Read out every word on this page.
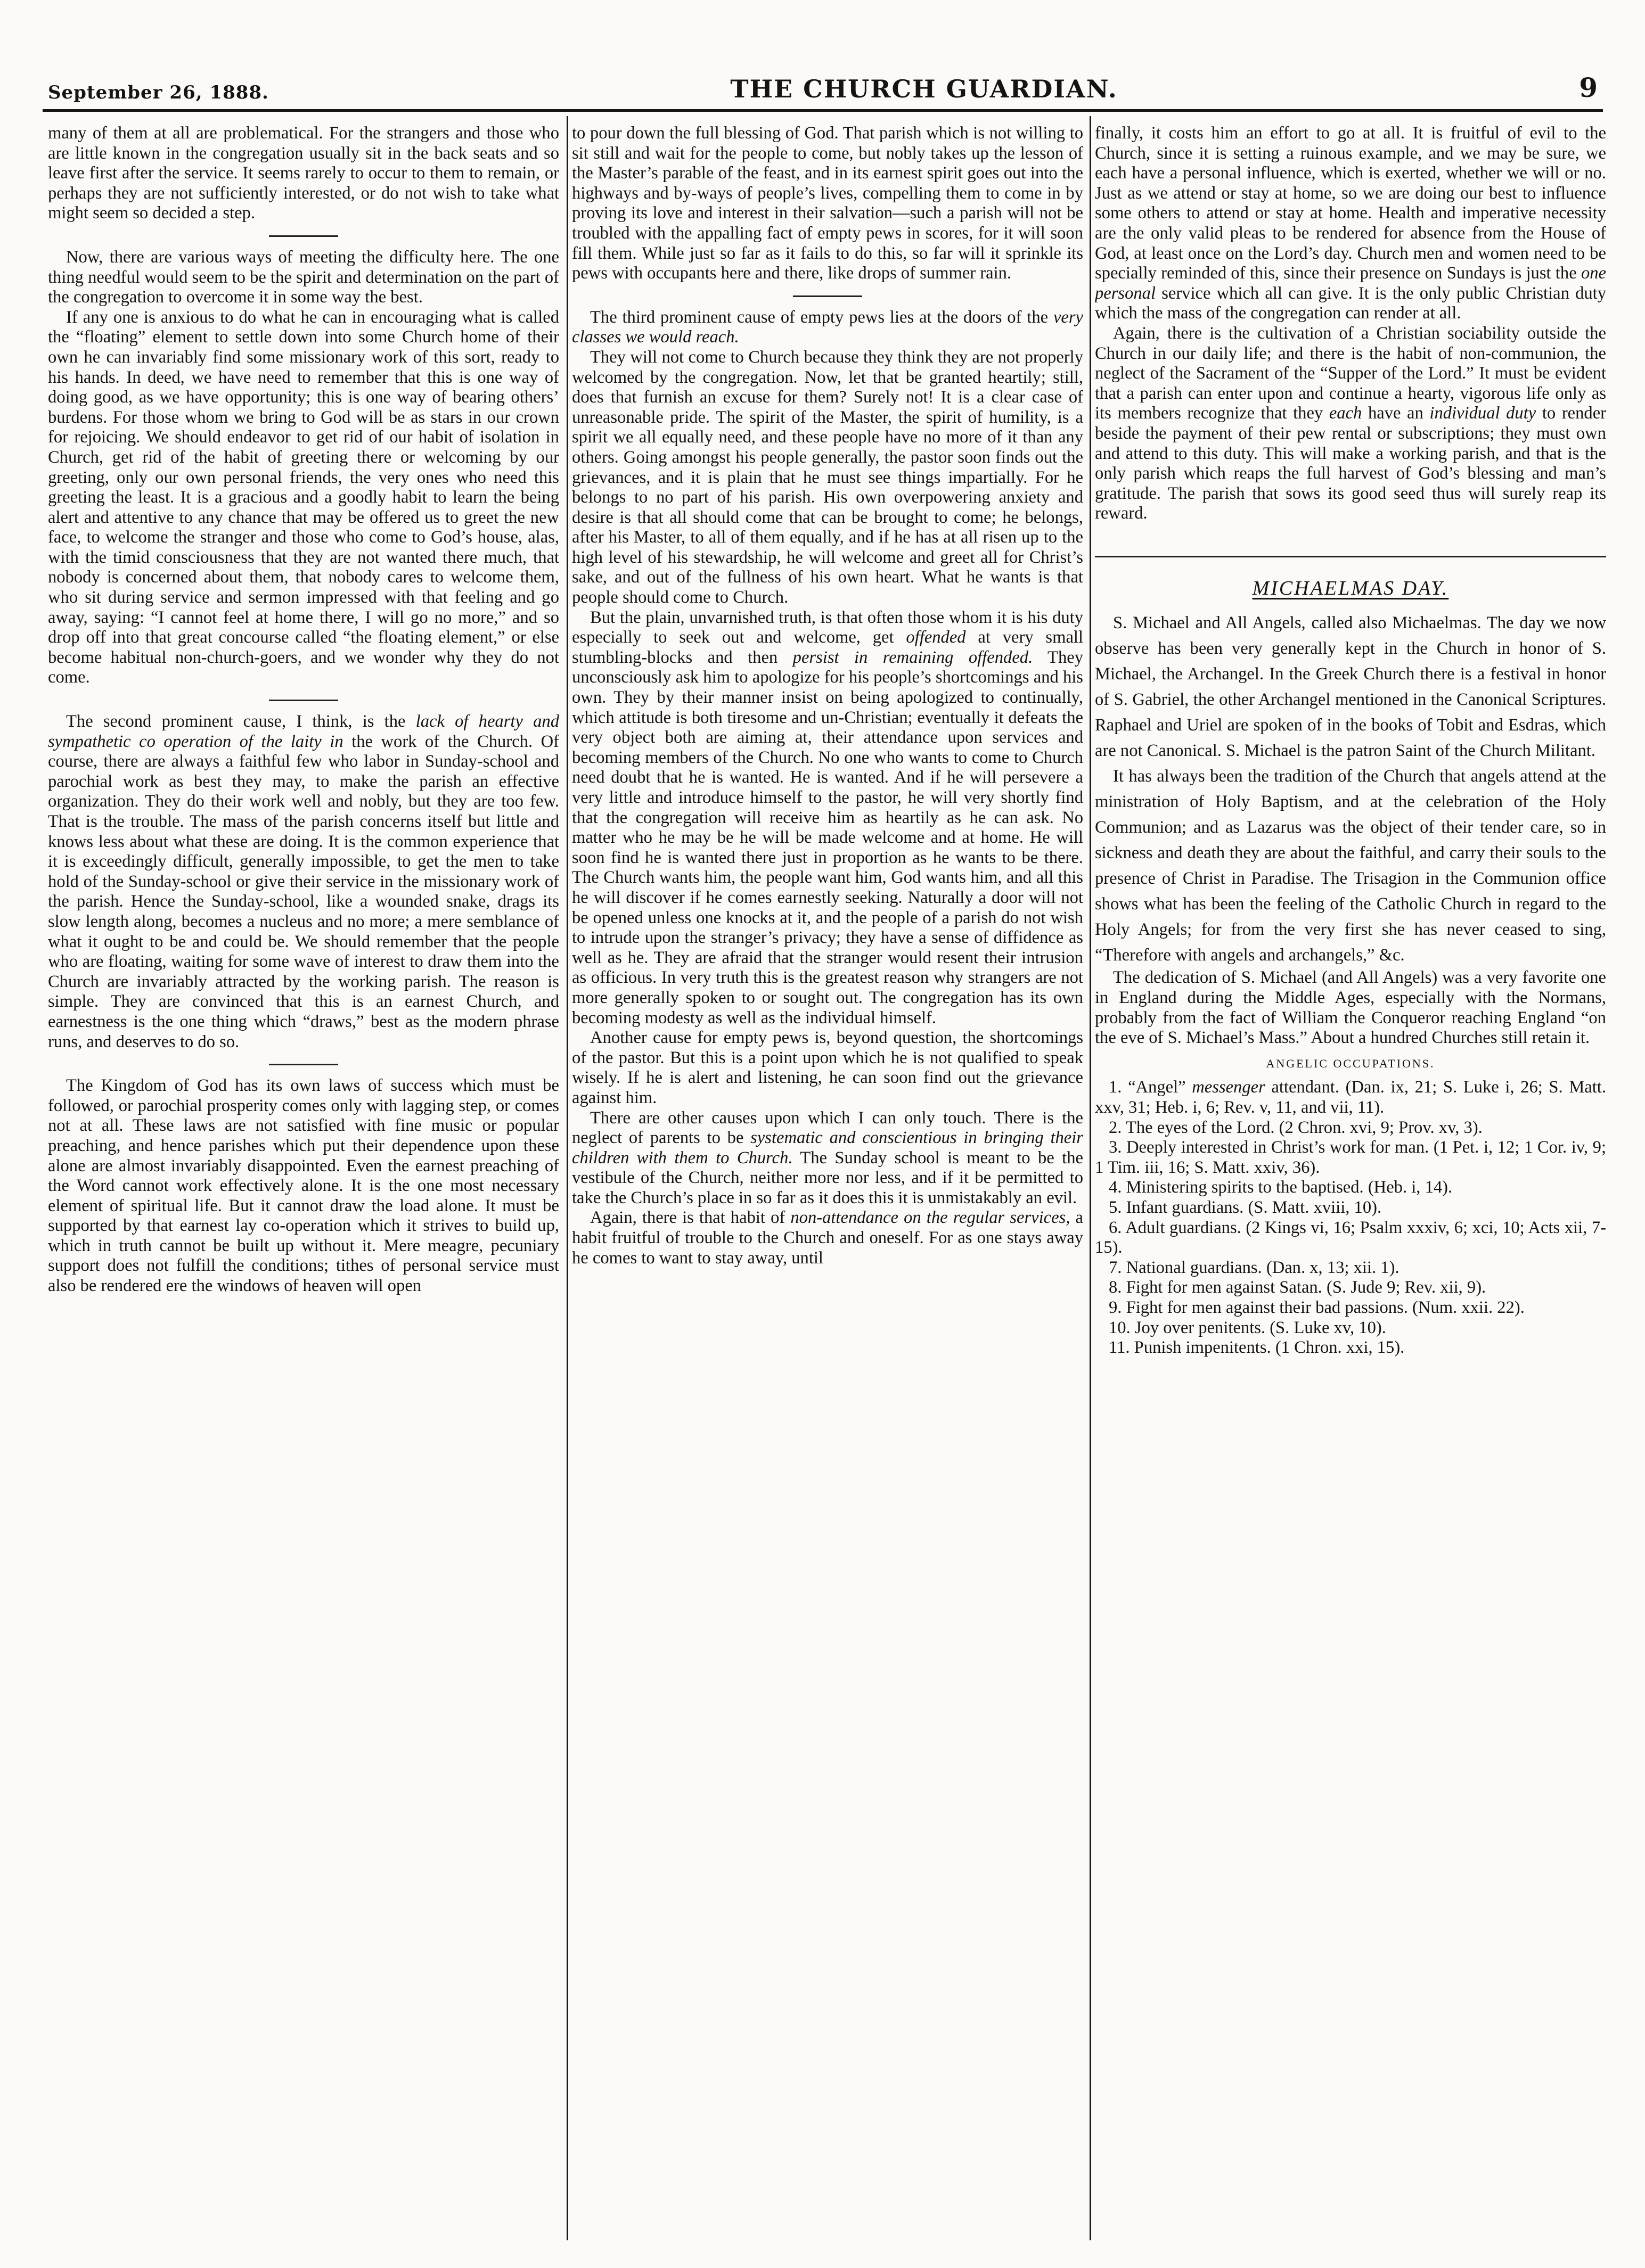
September 26, 1888.	THE CHURCH GUARDIAN.	9

many of them at all are problematical. For the strangers and those who are little known in the congregation usually sit in the back seats and so leave first after the service. It seems rarely to occur to them to remain, or perhaps they are not sufficiently interested, or do not wish to take what might seem so decided a step.

Now, there are various ways of meeting the difficulty here. The one thing needful would seem to be the spirit and determination on the part of the congregation to overcome it in some way the best.

If any one is anxious to do what he can in encouraging what is called the “floating” element to settle down into some Church home of their own he can invariably find some missionary work of this sort, ready to his hands. In deed, we have need to remember that this is one way of doing good, as we have opportunity; this is one way of bearing others’ burdens. For those whom we bring to God will be as stars in our crown for rejoicing. We should endeavor to get rid of our habit of isolation in Church, get rid of the habit of greeting there or welcoming by our greeting, only our own personal friends, the very ones who need this greeting the least. It is a gracious and a goodly habit to learn the being alert and attentive to any chance that may be offered us to greet the new face, to welcome the stranger and those who come to God’s house, alas, with the timid consciousness that they are not wanted there much, that nobody is concerned about them, that nobody cares to welcome them, who sit during service and sermon impressed with that feeling and go away, saying: “I cannot feel at home there, I will go no more,” and so drop off into that great concourse called “the floating element,” or else become habitual non-church-goers, and we wonder why they do not come.

The second prominent cause, I think, is the lack of hearty and sympathetic co operation of the laity in the work of the Church. Of course, there are always a faithful few who labor in Sunday-school and parochial work as best they may, to make the parish an effective organization. They do their work well and nobly, but they are too few. That is the trouble. The mass of the parish concerns itself but little and knows less about what these are doing. It is the common experience that it is exceedingly difficult, generally impossible, to get the men to take hold of the Sunday-school or give their service in the missionary work of the parish. Hence the Sunday-school, like a wounded snake, drags its slow length along, becomes a nucleus and no more; a mere semblance of what it ought to be and could be. We should remember that the people who are floating, waiting for some wave of interest to draw them into the Church are invariably attracted by the working parish. The reason is simple. They are convinced that this is an earnest Church, and earnestness is the one thing which “draws,” best as the modern phrase runs, and deserves to do so.

The Kingdom of God has its own laws of success which must be followed, or parochial prosperity comes only with lagging step, or comes not at all. These laws are not satisfied with fine music or popular preaching, and hence parishes which put their dependence upon these alone are almost invariably disappointed. Even the earnest preaching of the Word cannot work effectively alone. It is the one most necessary element of spiritual life. But it cannot draw the load alone. It must be supported by that earnest lay co-operation which it strives to build up, which in truth cannot be built up without it. Mere meagre, pecuniary support does not fulfill the conditions; tithes of personal service must also be rendered ere the windows of heaven will open

to pour down the full blessing of God. That parish which is not willing to sit still and wait for the people to come, but nobly takes up the lesson of the Master’s parable of the feast, and in its earnest spirit goes out into the highways and by-ways of people’s lives, compelling them to come in by proving its love and interest in their salvation—such a parish will not be troubled with the appalling fact of empty pews in scores, for it will soon fill them. While just so far as it fails to do this, so far will it sprinkle its pews with occupants here and there, like drops of summer rain.

The third prominent cause of empty pews lies at the doors of the very classes we would reach.

They will not come to Church because they think they are not properly welcomed by the congregation. Now, let that be granted heartily; still, does that furnish an excuse for them? Surely not! It is a clear case of unreasonable pride. The spirit of the Master, the spirit of humility, is a spirit we all equally need, and these people have no more of it than any others. Going amongst his people generally, the pastor soon finds out the grievances, and it is plain that he must see things impartially. For he belongs to no part of his parish. His own overpowering anxiety and desire is that all should come that can be brought to come; he belongs, after his Master, to all of them equally, and if he has at all risen up to the high level of his stewardship, he will welcome and greet all for Christ’s sake, and out of the fullness of his own heart. What he wants is that people should come to Church.

But the plain, unvarnished truth, is that often those whom it is his duty especially to seek out and welcome, get offended at very small stumbling-blocks and then persist in remaining offended. They unconsciously ask him to apologize for his people’s shortcomings and his own. They by their manner insist on being apologized to continually, which attitude is both tiresome and un-Christian; eventually it defeats the very object both are aiming at, their attendance upon services and becoming members of the Church. No one who wants to come to Church need doubt that he is wanted. He is wanted. And if he will persevere a very little and introduce himself to the pastor, he will very shortly find that the congregation will receive him as heartily as he can ask. No matter who he may be he will be made welcome and at home. He will soon find he is wanted there just in proportion as he wants to be there. The Church wants him, the people want him, God wants him, and all this he will discover if he comes earnestly seeking. Naturally a door will not be opened unless one knocks at it, and the people of a parish do not wish to intrude upon the stranger’s privacy; they have a sense of diffidence as well as he. They are afraid that the stranger would resent their intrusion as officious. In very truth this is the greatest reason why strangers are not more generally spoken to or sought out. The congregation has its own becoming modesty as well as the individual himself.

Another cause for empty pews is, beyond question, the shortcomings of the pastor. But this is a point upon which he is not qualified to speak wisely. If he is alert and listening, he can soon find out the grievance against him.

There are other causes upon which I can only touch. There is the neglect of parents to be systematic and conscientious in bringing their children with them to Church. The Sunday school is meant to be the vestibule of the Church, neither more nor less, and if it be permitted to take the Church’s place in so far as it does this it is unmistakably an evil.

Again, there is that habit of non-attendance on the regular services, a habit fruitful of trouble to the Church and oneself. For as one stays away he comes to want to stay away, until

finally, it costs him an effort to go at all. It is fruitful of evil to the Church, since it is setting a ruinous example, and we may be sure, we each have a personal influence, which is exerted, whether we will or no. Just as we attend or stay at home, so we are doing our best to influence some others to attend or stay at home. Health and imperative necessity are the only valid pleas to be rendered for absence from the House of God, at least once on the Lord’s day. Church men and women need to be specially reminded of this, since their presence on Sundays is just the one personal service which all can give. It is the only public Christian duty which the mass of the congregation can render at all.

Again, there is the cultivation of a Christian sociability outside the Church in our daily life; and there is the habit of non-communion, the neglect of the Sacrament of the “Supper of the Lord.” It must be evident that a parish can enter upon and continue a hearty, vigorous life only as its members recognize that they each have an individual duty to render beside the payment of their pew rental or subscriptions; they must own and attend to this duty. This will make a working parish, and that is the only parish which reaps the full harvest of God’s blessing and man’s gratitude. The parish that sows its good seed thus will surely reap its reward.

MICHAELMAS DAY.

S. Michael and All Angels, called also Michaelmas. The day we now observe has been very generally kept in the Church in honor of S. Michael, the Archangel. In the Greek Church there is a festival in honor of S. Gabriel, the other Archangel mentioned in the Canonical Scriptures. Raphael and Uriel are spoken of in the books of Tobit and Esdras, which are not Canonical. S. Michael is the patron Saint of the Church Militant.

It has always been the tradition of the Church that angels attend at the ministration of Holy Baptism, and at the celebration of the Holy Communion; and as Lazarus was the object of their tender care, so in sickness and death they are about the faithful, and carry their souls to the presence of Christ in Paradise. The Trisagion in the Communion office shows what has been the feeling of the Catholic Church in regard to the Holy Angels; for from the very first she has never ceased to sing, “Therefore with angels and archangels,” &c.

The dedication of S. Michael (and All Angels) was a very favorite one in England during the Middle Ages, especially with the Normans, probably from the fact of William the Conqueror reaching England “on the eve of S. Michael’s Mass.” About a hundred Churches still retain it.

ANGELIC OCCUPATIONS.

1. “Angel” messenger attendant. (Dan. ix, 21; S. Luke i, 26; S. Matt. xxv, 31; Heb. i, 6; Rev. v, 11, and vii, 11).

2. The eyes of the Lord. (2 Chron. xvi, 9; Prov. xv, 3).

3. Deeply interested in Christ’s work for man. (1 Pet. i, 12; 1 Cor. iv, 9; 1 Tim. iii, 16; S. Matt. xxiv, 36).

4. Ministering spirits to the baptised. (Heb. i, 14).

5. Infant guardians. (S. Matt. xviii, 10).

6. Adult guardians. (2 Kings vi, 16; Psalm xxxiv, 6; xci, 10; Acts xii, 7-15).

7. National guardians. (Dan. x, 13; xii. 1).

8. Fight for men against Satan. (S. Jude 9; Rev. xii, 9).

9. Fight for men against their bad passions. (Num. xxii. 22).

10. Joy over penitents. (S. Luke xv, 10).

11. Punish impenitents. (1 Chron. xxi, 15).
